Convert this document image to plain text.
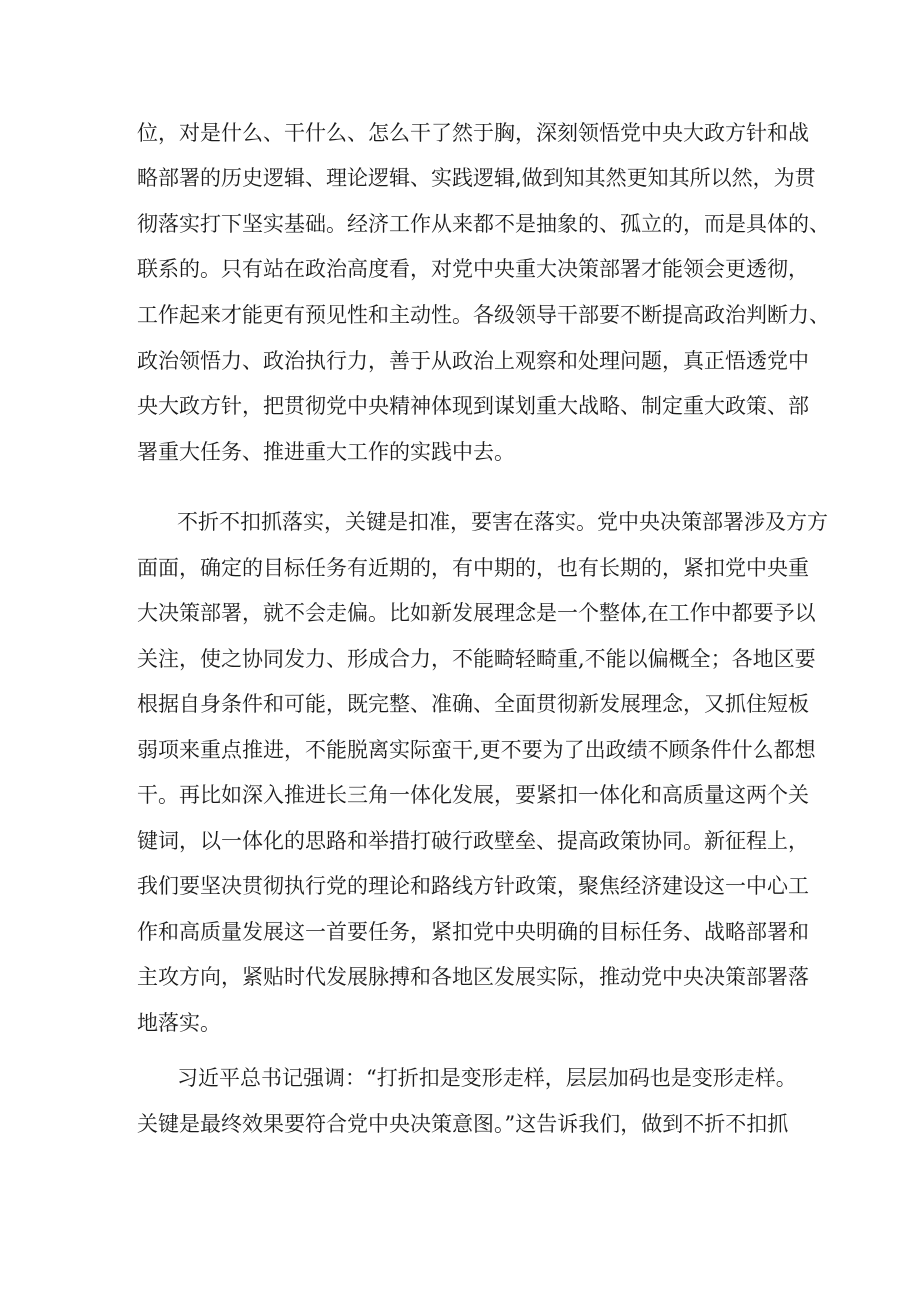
位，对是什么、干什么、怎么干了然于胸，深刻领悟党中央大政方针和战
略部署的历史逻辑、理论逻辑、实践逻辑,做到知其然更知其所以然，为贯
彻落实打下坚实基础。经济工作从来都不是抽象的、孤立的，而是具体的、
联系的。只有站在政治高度看，对党中央重大决策部署才能领会更透彻，
工作起来才能更有预见性和主动性。各级领导干部要不断提高政治判断力、
政治领悟力、政治执行力，善于从政治上观察和处理问题，真正悟透党中
央大政方针，把贯彻党中央精神体现到谋划重大战略、制定重大政策、部
署重大任务、推进重大工作的实践中去。
不折不扣抓落实，关键是扣准，要害在落实。党中央决策部署涉及方方
面面，确定的目标任务有近期的，有中期的，也有长期的，紧扣党中央重
大决策部署，就不会走偏。比如新发展理念是一个整体,在工作中都要予以
关注，使之协同发力、形成合力，不能畸轻畸重,不能以偏概全；各地区要
根据自身条件和可能，既完整、准确、全面贯彻新发展理念，又抓住短板
弱项来重点推进，不能脱离实际蛮干,更不要为了出政绩不顾条件什么都想
干。再比如深入推进长三角一体化发展，要紧扣一体化和高质量这两个关
键词，以一体化的思路和举措打破行政壁垒、提高政策协同。新征程上，
我们要坚决贯彻执行党的理论和路线方针政策，聚焦经济建设这一中心工
作和高质量发展这一首要任务，紧扣党中央明确的目标任务、战略部署和
主攻方向，紧贴时代发展脉搏和各地区发展实际，推动党中央决策部署落
地落实。
习近平总书记强调：“打折扣是变形走样，层层加码也是变形走样。
关键是最终效果要符合党中央决策意图。”这告诉我们，做到不折不扣抓
